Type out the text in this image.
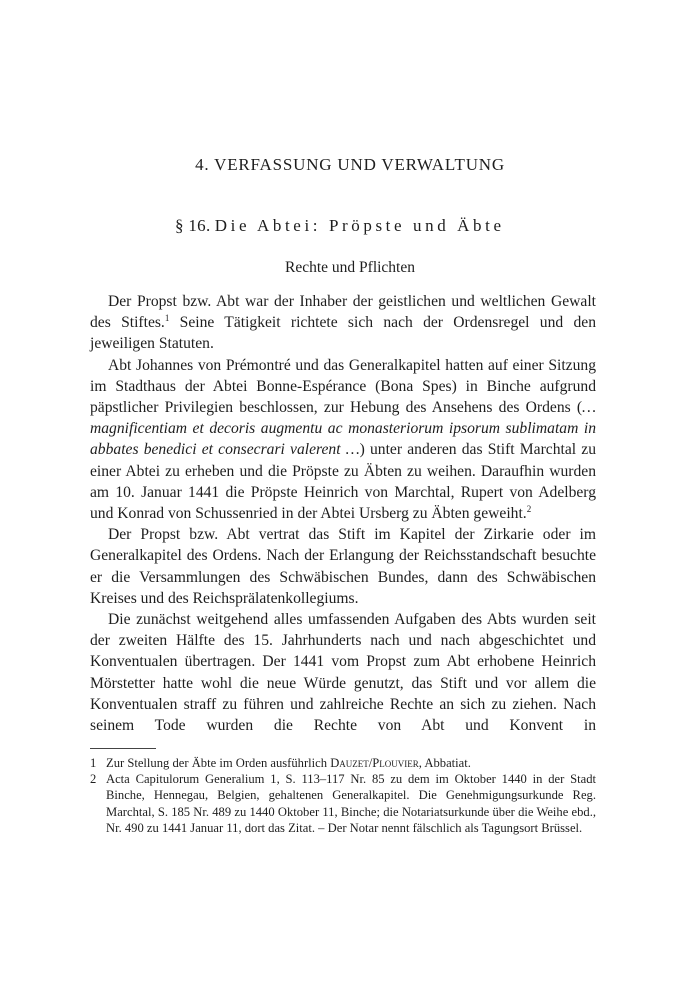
4. VERFASSUNG UND VERWALTUNG
§ 16. Die Abtei: Pröpste und Äbte
Rechte und Pflichten

Der Propst bzw. Abt war der Inhaber der geistlichen und weltlichen Gewalt des Stiftes.$^1$ Seine Tätigkeit richtete sich nach der Ordensregel und den jeweiligen Statuten.

Abt Johannes von Prémontré und das Generalkapitel hatten auf einer Sitzung im Stadthaus der Abtei Bonne-Espérance (Bona Spes) in Binche aufgrund päpstlicher Privilegien beschlossen, zur Hebung des Ansehens des Ordens (… magnificentiam et decoris augmentu ac monasteriorum ipsorum sublimatam in abbates benedici et consecrari valerent …) unter anderen das Stift Marchtal zu einer Abtei zu erheben und die Pröpste zu Äbten zu weihen. Daraufhin wurden am 10. Januar 1441 die Pröpste Heinrich von Marchtal, Rupert von Adelberg und Konrad von Schussenried in der Abtei Ursberg zu Äbten geweiht.$^2$

Der Propst bzw. Abt vertrat das Stift im Kapitel der Zirkarie oder im Generalkapitel des Ordens. Nach der Erlangung der Reichsstandschaft besuchte er die Versammlungen des Schwäbischen Bundes, dann des Schwäbischen Kreises und des Reichsprälatenkollegiums.

Die zunächst weitgehend alles umfassenden Aufgaben des Abts wurden seit der zweiten Hälfte des 15. Jahrhunderts nach und nach abgeschichtet und Konventualen übertragen. Der 1441 vom Propst zum Abt erhobene Heinrich Mörstetter hatte wohl die neue Würde genutzt, das Stift und vor allem die Konventualen straff zu führen und zahlreiche Rechte an sich zu ziehen. Nach seinem Tode wurden die Rechte von Abt und Konvent in

1 Zur Stellung der Äbte im Orden ausführlich Dauzet/Plouvier, Abbatiat.
2 Acta Capitulorum Generalium 1, S. 113–117 Nr. 85 zu dem im Oktober 1440 in der Stadt Binche, Hennegau, Belgien, gehaltenen Generalkapitel. Die Genehmigungsurkunde Reg. Marchtal, S. 185 Nr. 489 zu 1440 Oktober 11, Binche; die Notariatsurkunde über die Weihe ebd., Nr. 490 zu 1441 Januar 11, dort das Zitat. – Der Notar nennt fälschlich als Tagungsort Brüssel.
